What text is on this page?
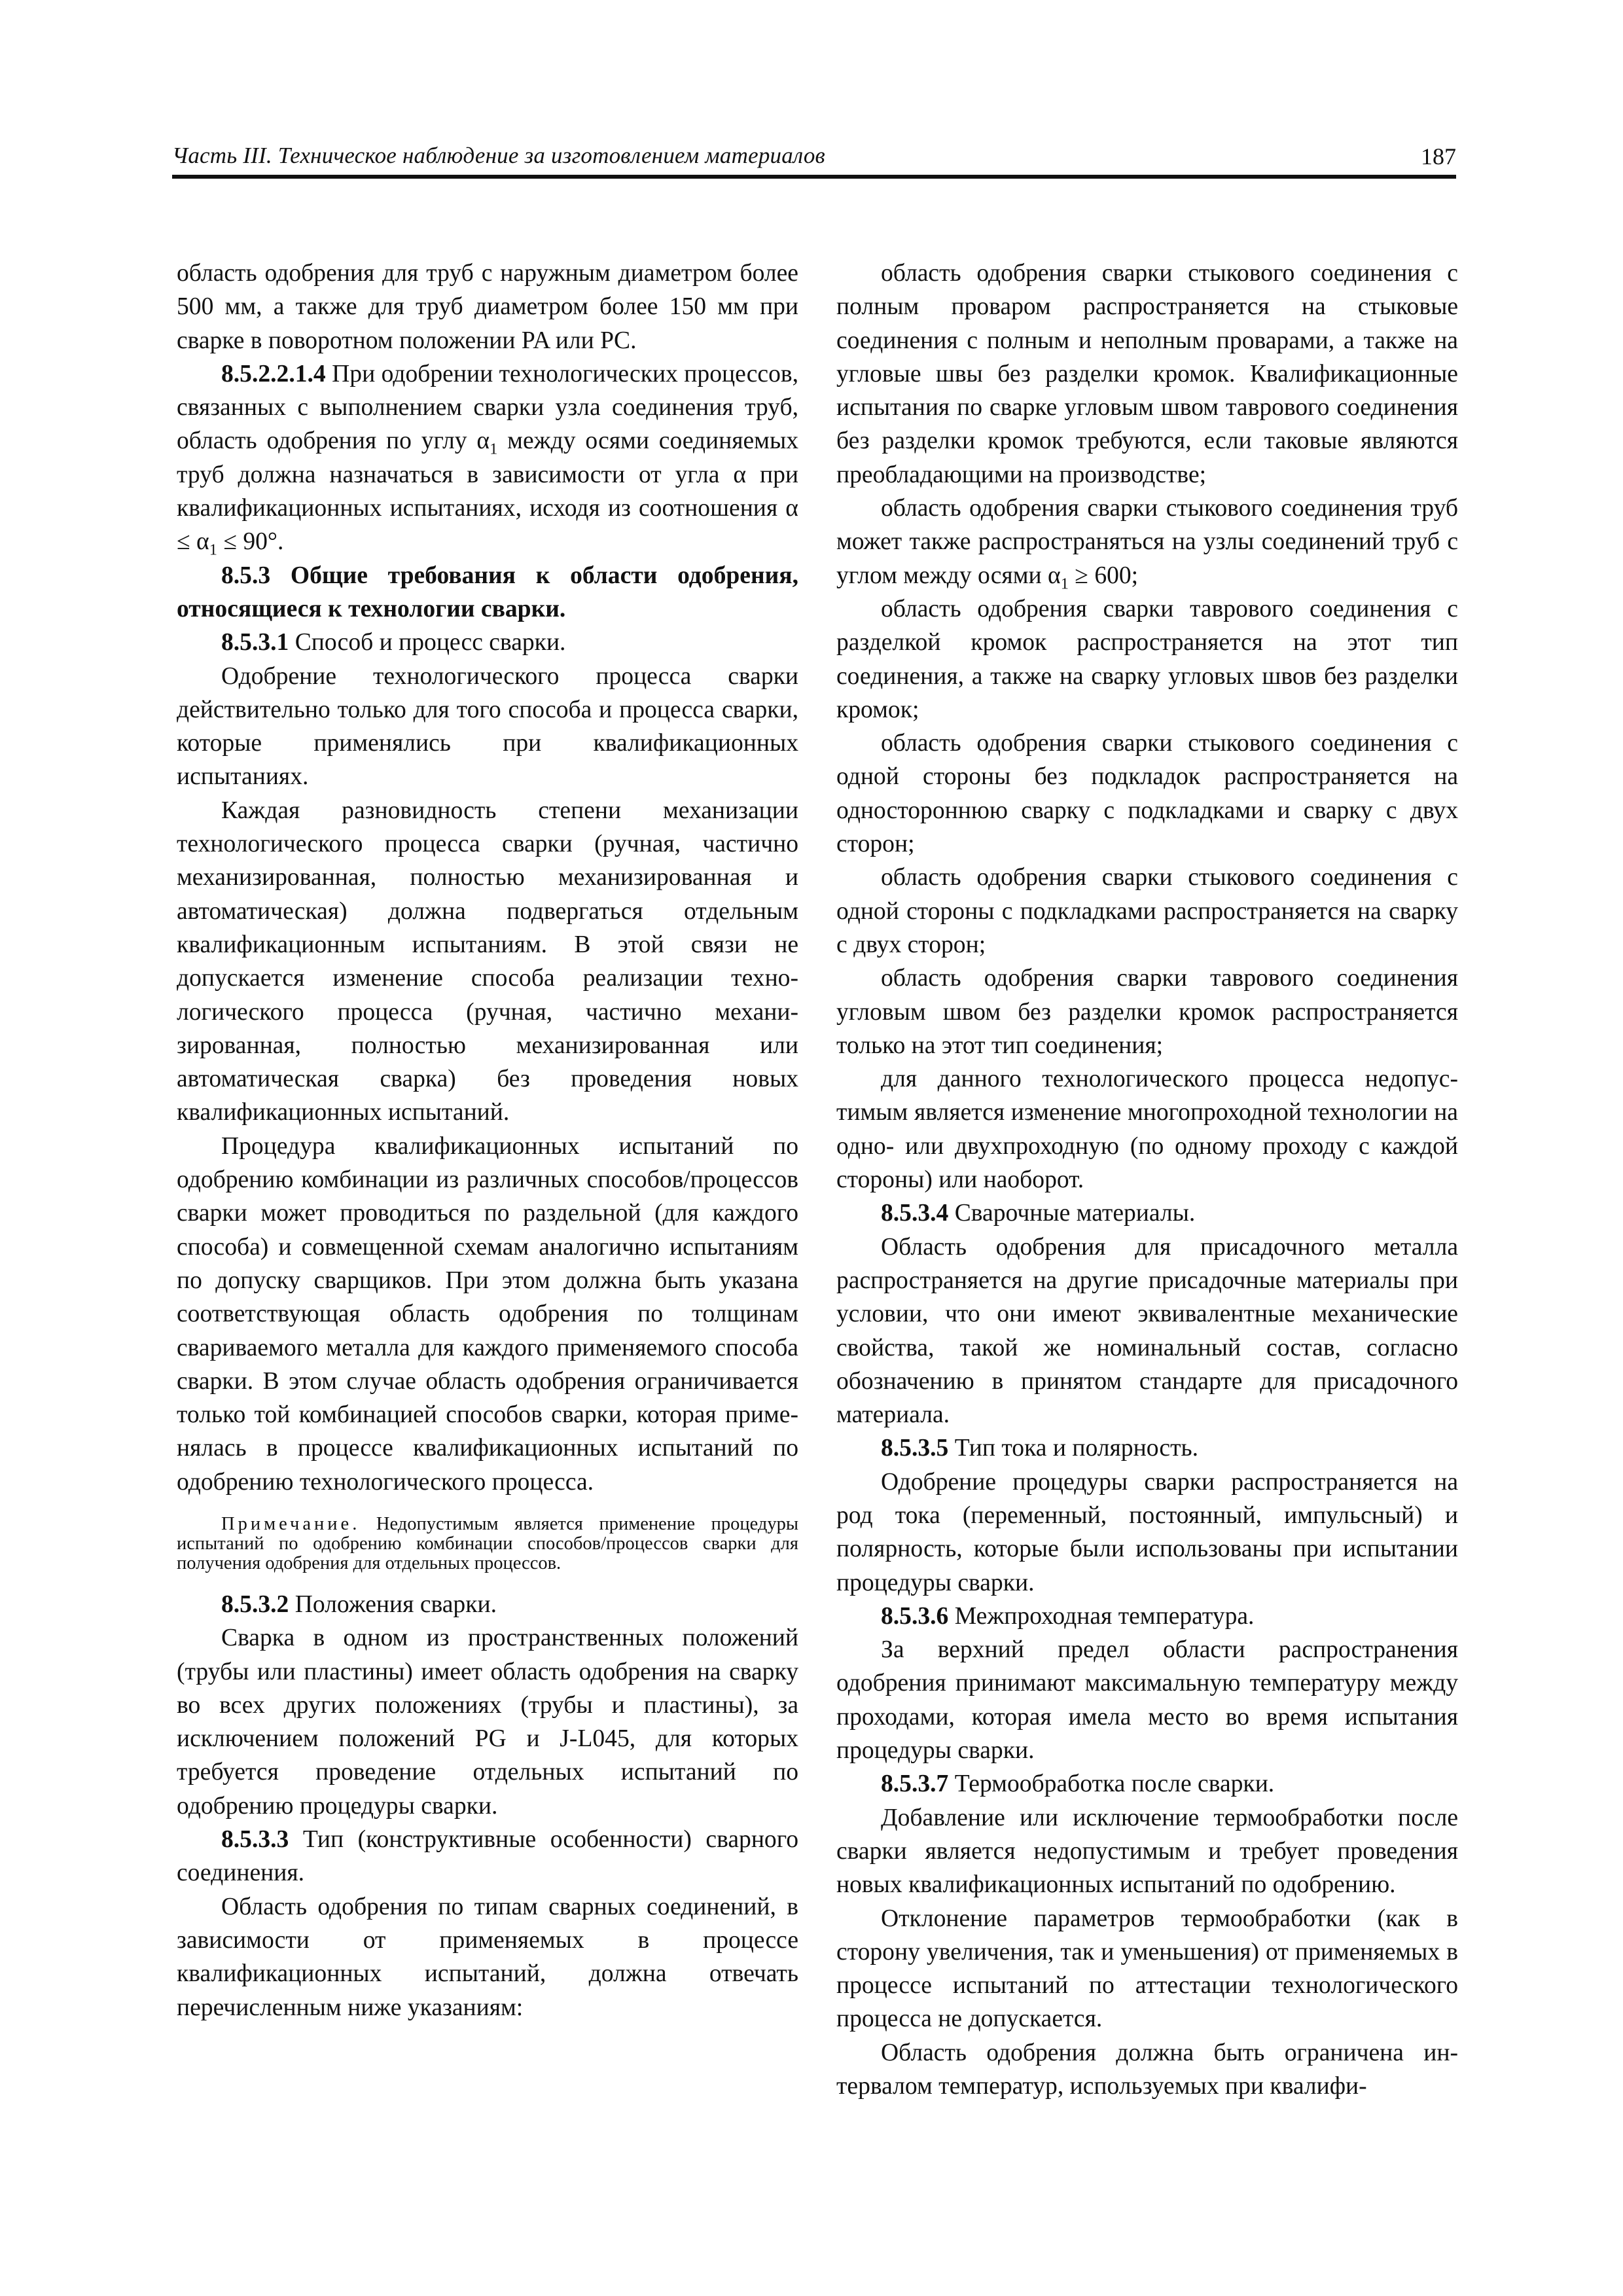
Часть III. Техническое наблюдение за изготовлением материалов	187

область одобрения для труб с наружным диаметром более 500 мм, а также для труб диаметром более 150 мм при сварке в поворотном положении PA или PC.

8.5.2.2.1.4 При одобрении технологических процессов, связанных с выполнением сварки узла соединения труб, область одобрения по углу $\alpha_1$ между осями соединяемых труб должна назначаться в зависимости от угла α при квалификационных испытаниях, исходя из соотношения $\alpha \le \alpha_1 \le 90^\circ$.

8.5.3 Общие требования к области одобрения, относящиеся к технологии сварки.

8.5.3.1 Способ и процесс сварки.

Одобрение технологического процесса сварки действительно только для того способа и процесса сварки, которые применялись при квалификационных испытаниях.

Каждая разновидность степени механизации технологического процесса сварки (ручная, частично механизированная, полностью механизированная и автоматическая) должна подвергаться отдельным квалификационным испытаниям. В этой связи не допускается изменение способа реализации технологического процесса (ручная, частично механизированная, полностью механизированная или автоматическая сварка) без проведения новых квалификационных испытаний.

Процедура квалификационных испытаний по одобрению комбинации из различных способов/процессов сварки может проводиться по раздельной (для каждого способа) и совмещенной схемам аналогично испытаниям по допуску сварщиков. При этом должна быть указана соответствующая область одобрения по толщинам свариваемого металла для каждого применяемого способа сварки. В этом случае область одобрения ограничивается только той комбинацией способов сварки, которая применялась в процессе квалификационных испытаний по одобрению технологического процесса.

Примечание. Недопустимым является применение процедуры испытаний по одобрению комбинации способов/процессов сварки для получения одобрения для отдельных процессов.

8.5.3.2 Положения сварки.

Сварка в одном из пространственных положений (трубы или пластины) имеет область одобрения на сварку во всех других положениях (трубы и пластины), за исключением положений PG и J-L045, для которых требуется проведение отдельных испытаний по одобрению процедуры сварки.

8.5.3.3 Тип (конструктивные особенности) сварного соединения.

Область одобрения по типам сварных соединений, в зависимости от применяемых в процессе квалификационных испытаний, должна отвечать перечисленным ниже указаниям:

область одобрения сварки стыкового соединения с полным проваром распространяется на стыковые соединения с полным и неполным проварами, а также на угловые швы без разделки кромок. Квалификационные испытания по сварке угловым швом таврового соединения без разделки кромок требуются, если таковые являются преобладающими на производстве;

область одобрения сварки стыкового соединения труб может также распространяться на узлы соединений труб с углом между осями $\alpha_1 \ge 600$;

область одобрения сварки таврового соединения с разделкой кромок распространяется на этот тип соединения, а также на сварку угловых швов без разделки кромок;

область одобрения сварки стыкового соединения с одной стороны без подкладок распространяется на одностороннюю сварку с подкладками и сварку с двух сторон;

область одобрения сварки стыкового соединения с одной стороны с подкладками распространяется на сварку с двух сторон;

область одобрения сварки таврового соединения угловым швом без разделки кромок распространяется только на этот тип соединения;

для данного технологического процесса недопустимым является изменение многопроходной технологии на одно- или двухпроходную (по одному проходу с каждой стороны) или наоборот.

8.5.3.4 Сварочные материалы.

Область одобрения для присадочного металла распространяется на другие присадочные материалы при условии, что они имеют эквивалентные механические свойства, такой же номинальный состав, согласно обозначению в принятом стандарте для присадочного материала.

8.5.3.5 Тип тока и полярность.

Одобрение процедуры сварки распространяется на род тока (переменный, постоянный, импульсный) и полярность, которые были использованы при испытании процедуры сварки.

8.5.3.6 Межпроходная температура.

За верхний предел области распространения одобрения принимают максимальную температуру между проходами, которая имела место во время испытания процедуры сварки.

8.5.3.7 Термообработка после сварки.

Добавление или исключение термообработки после сварки является недопустимым и требует проведения новых квалификационных испытаний по одобрению.

Отклонение параметров термообработки (как в сторону увеличения, так и уменьшения) от применяемых в процессе испытаний по аттестации технологического процесса не допускается.

Область одобрения должна быть ограничена интервалом температур, используемых при квалифи-
